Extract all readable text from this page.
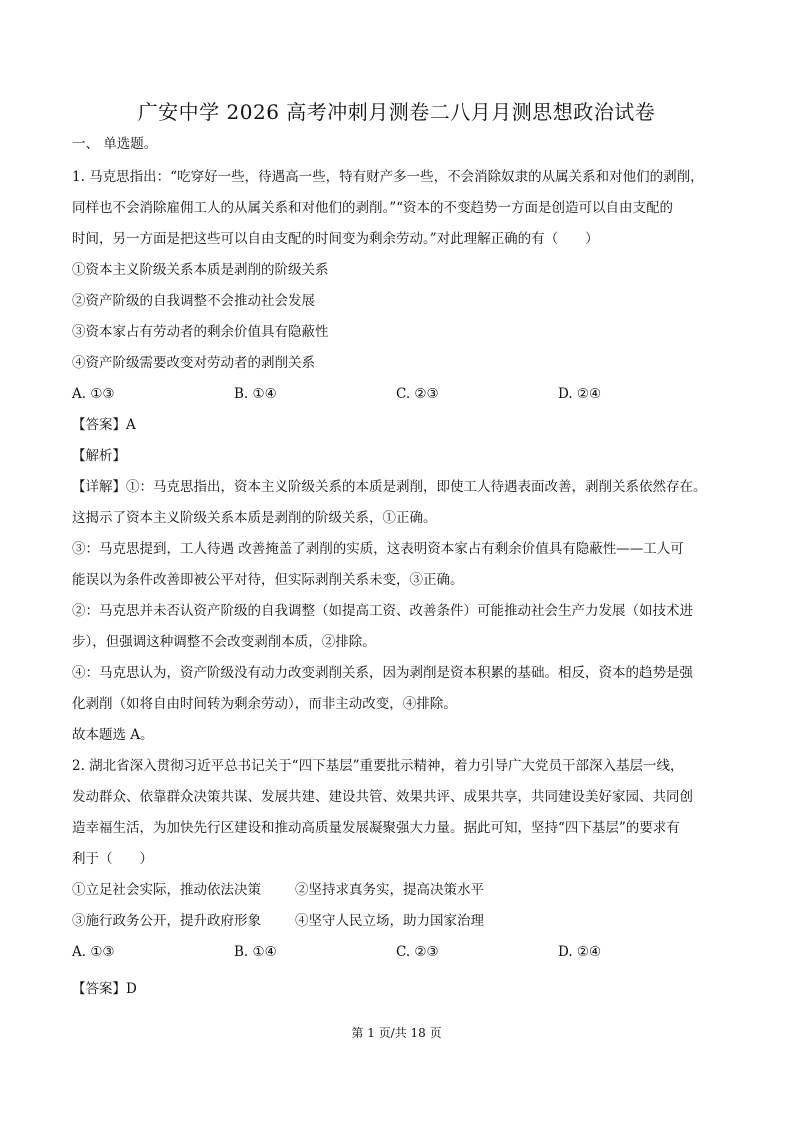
广安中学 2026 高考冲刺月测卷二八月月测思想政治试卷
一、 单选题。
1. 马克思指出：“吃穿好一些，待遇高一些，特有财产多一些，不会消除奴隶的从属关系和对他们的剥削，
同样也不会消除雇佣工人的从属关系和对他们的剥削。”“资本的不变趋势一方面是创造可以自由支配的
时间，另一方面是把这些可以自由支配的时间变为剩余劳动。”对此理解正确的有（　　）
①资本主义阶级关系本质是剥削的阶级关系
②资产阶级的自我调整不会推动社会发展
③资本家占有劳动者的剩余价值具有隐蔽性
④资产阶级需要改变对劳动者的剥削关系
A. ①③	B. ①④	C. ②③	D. ②④
【答案】A
【解析】
【详解】①：马克思指出，资本主义阶级关系的本质是剥削，即使工人待遇表面改善，剥削关系依然存在。
这揭示了资本主义阶级关系本质是剥削的阶级关系，①正确。
③：马克思提到，工人待遇 改善掩盖了剥削的实质，这表明资本家占有剩余价值具有隐蔽性——工人可
能误以为条件改善即被公平对待，但实际剥削关系未变，③正确。
②：马克思并未否认资产阶级的自我调整（如提高工资、改善条件）可能推动社会生产力发展（如技术进
步），但强调这种调整不会改变剥削本质，②排除。
④：马克思认为，资产阶级没有动力改变剥削关系，因为剥削是资本积累的基础。相反，资本的趋势是强
化剥削（如将自由时间转为剩余劳动），而非主动改变，④排除。
故本题选 A。
2. 湖北省深入贯彻习近平总书记关于“四下基层”重要批示精神，着力引导广大党员干部深入基层一线，
发动群众、依靠群众决策共谋、发展共建、建设共管、效果共评、成果共享，共同建设美好家园、共同创
造幸福生活，为加快先行区建设和推动高质量发展凝聚强大力量。据此可知，坚持“四下基层”的要求有
利于（　　）
①立足社会实际，推动依法决策	②坚持求真务实，提高决策水平
③施行政务公开，提升政府形象	④坚守人民立场，助力国家治理
A. ①③	B. ①④	C. ②③	D. ②④
【答案】D
第 1 页/共 18 页
